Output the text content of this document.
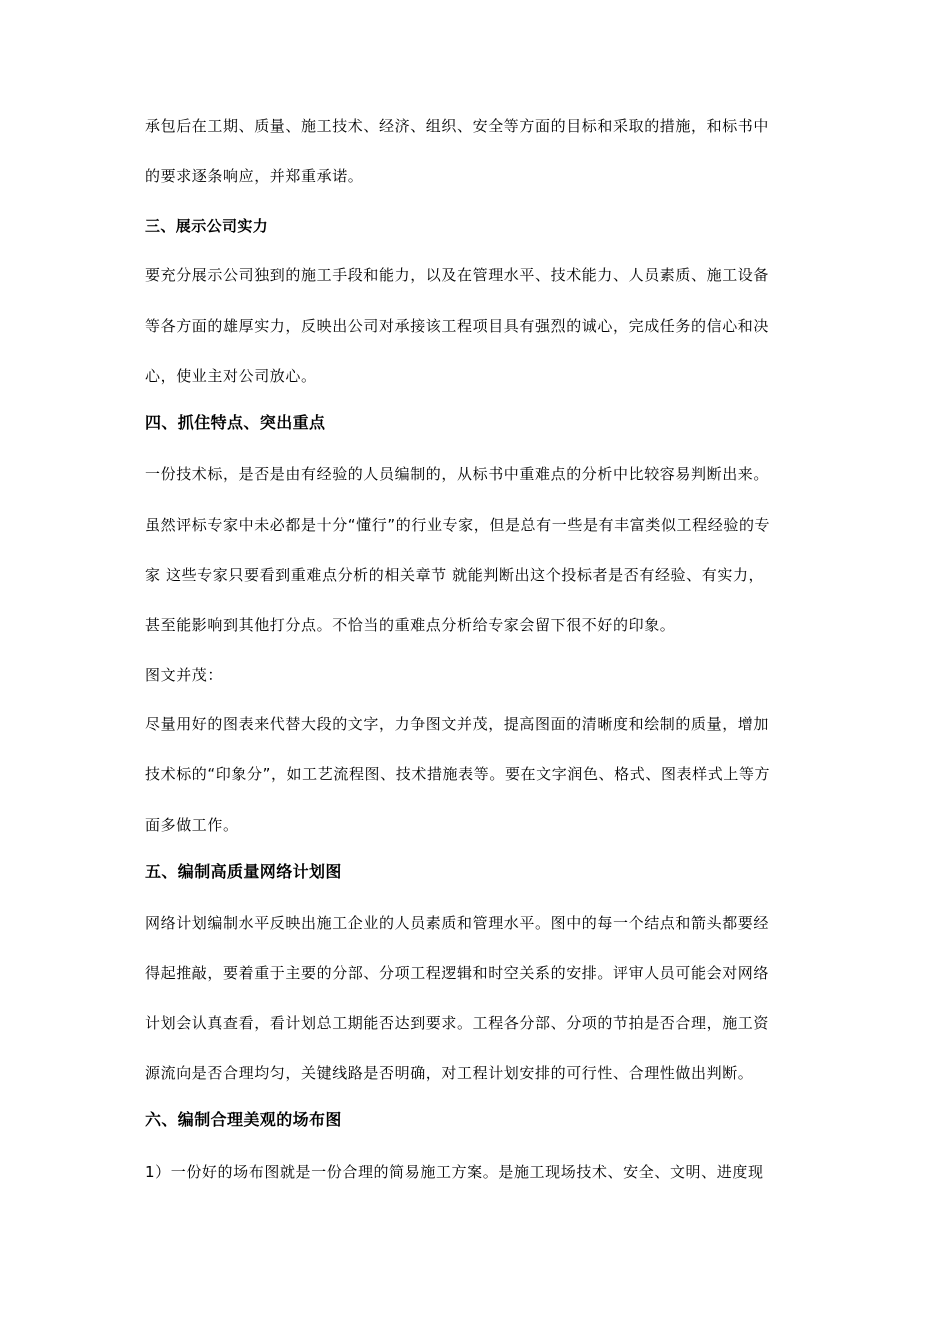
承包后在工期、质量、施工技术、经济、组织、安全等方面的目标和采取的措施，和标书中
的要求逐条响应，并郑重承诺。
三、展示公司实力
要充分展示公司独到的施工手段和能力，以及在管理水平、技术能力、人员素质、施工设备
等各方面的雄厚实力，反映出公司对承接该工程项目具有强烈的诚心，完成任务的信心和决
心，使业主对公司放心。
四、抓住特点、突出重点
一份技术标，是否是由有经验的人员编制的，从标书中重难点的分析中比较容易判断出来。
虽然评标专家中未必都是十分“懂行”的行业专家，但是总有一些是有丰富类似工程经验的专
家 这些专家只要看到重难点分析的相关章节 就能判断出这个投标者是否有经验、有实力，
甚至能影响到其他打分点。不恰当的重难点分析给专家会留下很不好的印象。
图文并茂：
尽量用好的图表来代替大段的文字，力争图文并茂，提高图面的清晰度和绘制的质量，增加
技术标的“印象分”，如工艺流程图、技术措施表等。要在文字润色、格式、图表样式上等方
面多做工作。
五、编制高质量网络计划图
网络计划编制水平反映出施工企业的人员素质和管理水平。图中的每一个结点和箭头都要经
得起推敲，要着重于主要的分部、分项工程逻辑和时空关系的安排。评审人员可能会对网络
计划会认真查看，看计划总工期能否达到要求。工程各分部、分项的节拍是否合理，施工资
源流向是否合理均匀，关键线路是否明确，对工程计划安排的可行性、合理性做出判断。
六、编制合理美观的场布图
1）一份好的场布图就是一份合理的简易施工方案。是施工现场技术、安全、文明、进度现
